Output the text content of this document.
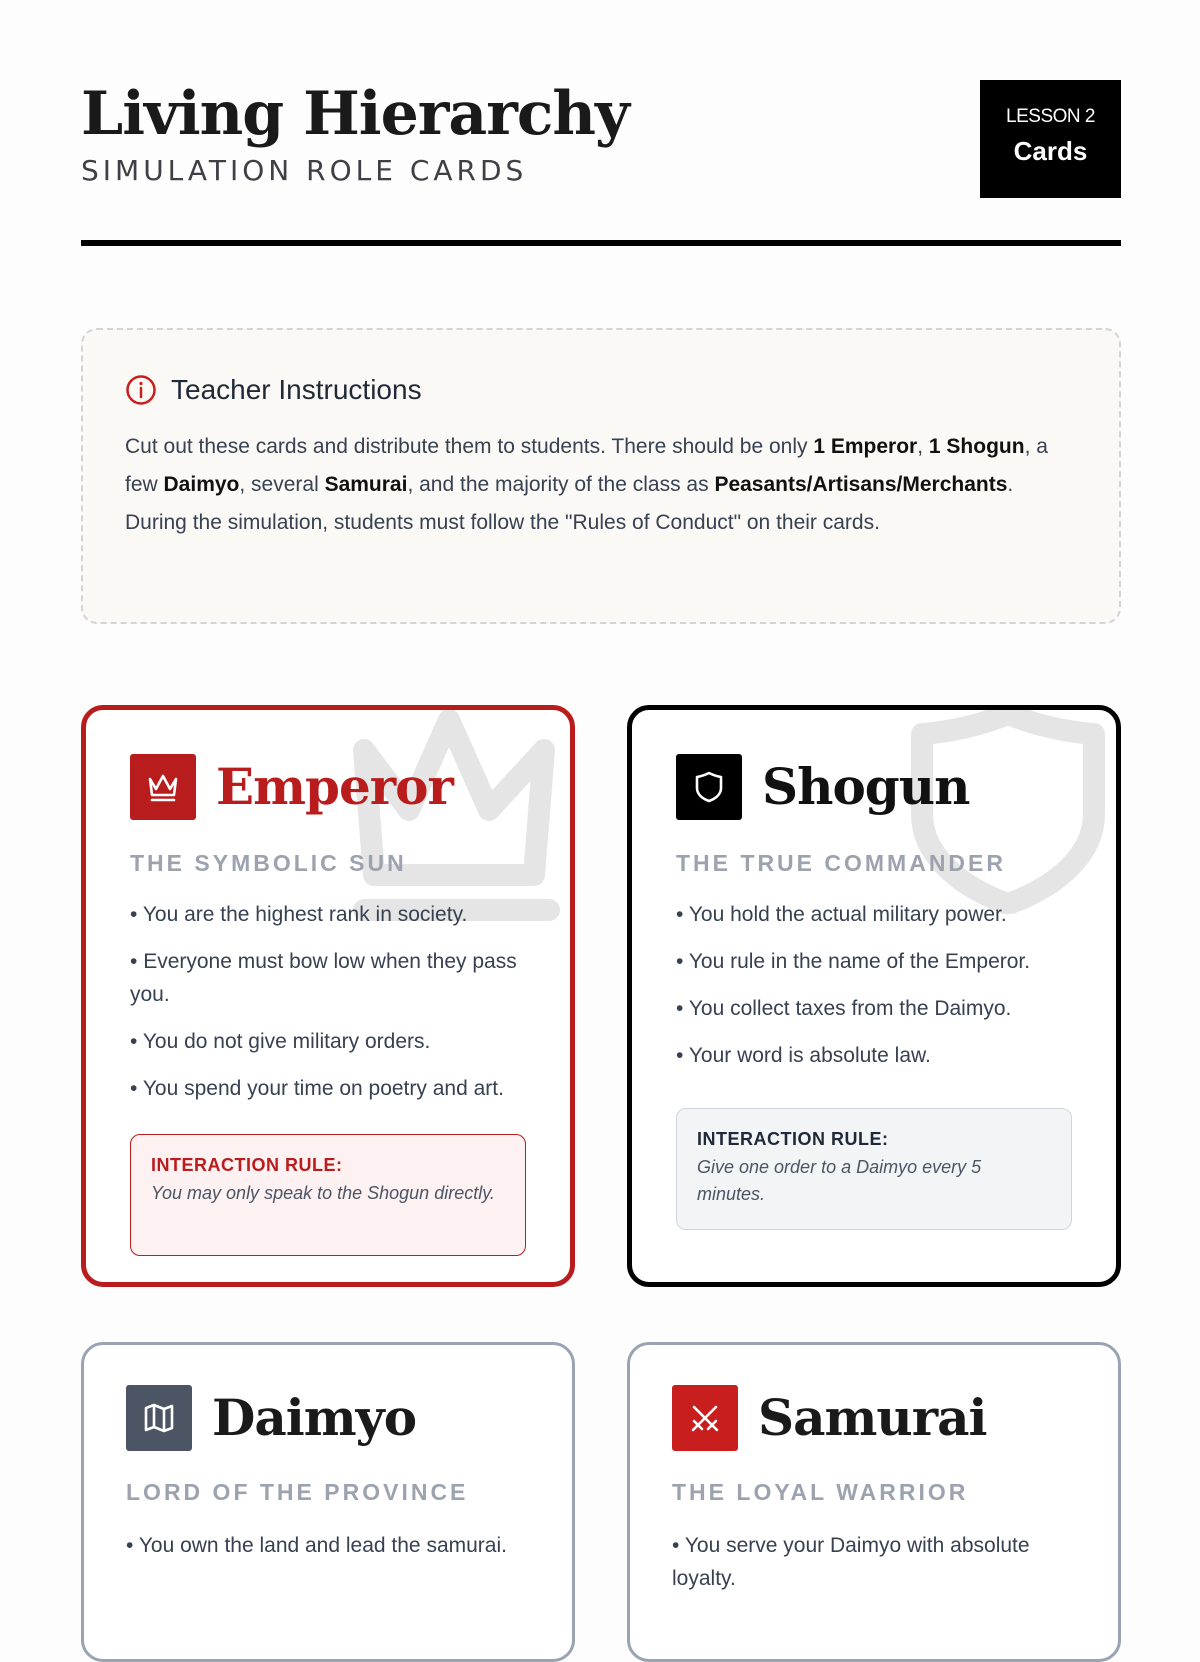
Living Hierarchy
SIMULATION ROLE CARDS
LESSON 2
Cards
Teacher Instructions
Cut out these cards and distribute them to students. There should be only 1 Emperor, 1 Shogun, a few Daimyo, several Samurai, and the majority of the class as Peasants/Artisans/Merchants. During the simulation, students must follow the "Rules of Conduct" on their cards.
Emperor
THE SYMBOLIC SUN
• You are the highest rank in society.
• Everyone must bow low when they pass you.
• You do not give military orders.
• You spend your time on poetry and art.
INTERACTION RULE:
You may only speak to the Shogun directly.
Shogun
THE TRUE COMMANDER
• You hold the actual military power.
• You rule in the name of the Emperor.
• You collect taxes from the Daimyo.
• Your word is absolute law.
INTERACTION RULE:
Give one order to a Daimyo every 5 minutes.
Daimyo
LORD OF THE PROVINCE
• You own the land and lead the samurai.
Samurai
THE LOYAL WARRIOR
• You serve your Daimyo with absolute loyalty.
